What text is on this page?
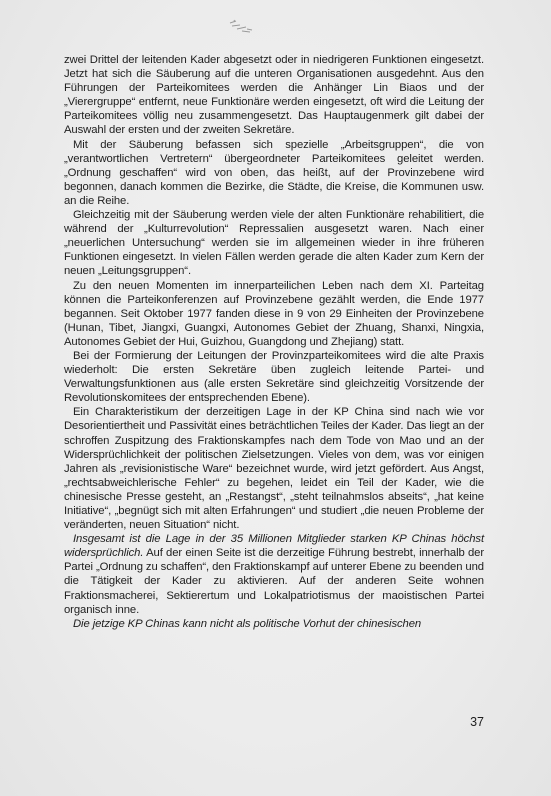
zwei Drittel der leitenden Kader abgesetzt oder in niedrigeren Funktionen eingesetzt. Jetzt hat sich die Säuberung auf die unteren Organisationen ausgedehnt. Aus den Führungen der Parteikomitees werden die Anhänger Lin Biaos und der „Vierergruppe“ entfernt, neue Funktionäre werden eingesetzt, oft wird die Leitung der Parteikomitees völlig neu zusammengesetzt. Das Hauptaugenmerk gilt dabei der Auswahl der ersten und der zweiten Sekretäre.

Mit der Säuberung befassen sich spezielle „Arbeitsgruppen“, die von „verantwortlichen Vertretern“ übergeordneter Parteikomitees geleitet werden. „Ordnung geschaffen“ wird von oben, das heißt, auf der Provinzebene wird begonnen, danach kommen die Bezirke, die Städte, die Kreise, die Kommunen usw. an die Reihe.

Gleichzeitig mit der Säuberung werden viele der alten Funktionäre rehabilitiert, die während der „Kulturrevolution“ Repressalien ausgesetzt waren. Nach einer „neuerlichen Untersuchung“ werden sie im allgemeinen wieder in ihre früheren Funktionen eingesetzt. In vielen Fällen werden gerade die alten Kader zum Kern der neuen „Leitungsgruppen“.

Zu den neuen Momenten im innerparteilichen Leben nach dem XI. Parteitag können die Parteikonferenzen auf Provinzebene gezählt werden, die Ende 1977 begannen. Seit Oktober 1977 fanden diese in 9 von 29 Einheiten der Provinzebene (Hunan, Tibet, Jiangxi, Guangxi, Autonomes Gebiet der Zhuang, Shanxi, Ningxia, Autonomes Gebiet der Hui, Guizhou, Guangdong und Zhejiang) statt.

Bei der Formierung der Leitungen der Provinzparteikomitees wird die alte Praxis wiederholt: Die ersten Sekretäre üben zugleich leitende Partei- und Verwaltungsfunktionen aus (alle ersten Sekretäre sind gleichzeitig Vorsitzende der Revolutionskomitees der entsprechenden Ebene).

Ein Charakteristikum der derzeitigen Lage in der KP China sind nach wie vor Desorientiertheit und Passivität eines beträchtlichen Teiles der Kader. Das liegt an der schroffen Zuspitzung des Fraktionskampfes nach dem Tode von Mao und an der Widersprüchlichkeit der politischen Zielsetzungen. Vieles von dem, was vor einigen Jahren als „revisionistische Ware“ bezeichnet wurde, wird jetzt gefördert. Aus Angst, „rechtsabweichlerische Fehler“ zu begehen, leidet ein Teil der Kader, wie die chinesische Presse gesteht, an „Restangst“, „steht teilnahmslos abseits“, „hat keine Initiative“, „begnügt sich mit alten Erfahrungen“ und studiert „die neuen Probleme der veränderten, neuen Situation“ nicht.

Insgesamt ist die Lage in der 35 Millionen Mitglieder starken KP Chinas höchst widersprüchlich. Auf der einen Seite ist die derzeitige Führung bestrebt, innerhalb der Partei „Ordnung zu schaffen“, den Fraktionskampf auf unterer Ebene zu beenden und die Tätigkeit der Kader zu aktivieren. Auf der anderen Seite wohnen Fraktionsmacherei, Sektierertum und Lokalpatriotismus der maoistischen Partei organisch inne.

Die jetzige KP Chinas kann nicht als politische Vorhut der chinesischen

37
